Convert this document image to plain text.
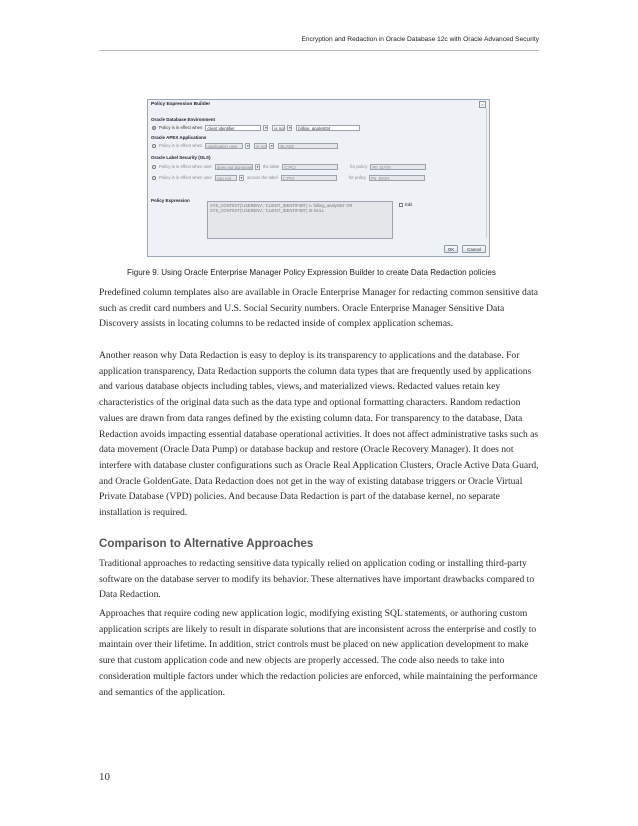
Encryption and Redaction in Oracle Database 12c with Oracle Advanced Security
Policy Expression Builder	×
Oracle Database Environment
Policy is in effect when	client identifier	▾	is not	▾	billing_analyst04
Oracle APEX Applications
Policy is in effect when	application user	▾	is not	▾	BLAKE
Oracle Label Security (OLS)
Policy is in effect when user	does not dominate	▾	the label	C:PCI	for policy	PII_DATA
Policy is in effect when user	can not	▾	access the label	C:PCI	for policy	PII_DATA
Policy Expression
SYS_CONTEXT('USERENV', 'CLIENT_IDENTIFIER') != 'billing_analyst04' OR
SYS_CONTEXT('USERENV', 'CLIENT_IDENTIFIER') IS NULL
Edit
OK	Cancel
Figure 9. Using Oracle Enterprise Manager Policy Expression Builder to create Data Redaction policies

Predefined column templates also are available in Oracle Enterprise Manager for redacting common sensitive data such as credit card numbers and U.S. Social Security numbers. Oracle Enterprise Manager Sensitive Data Discovery assists in locating columns to be redacted inside of complex application schemas.

Another reason why Data Redaction is easy to deploy is its transparency to applications and the database. For application transparency, Data Redaction supports the column data types that are frequently used by applications and various database objects including tables, views, and materialized views. Redacted values retain key characteristics of the original data such as the data type and optional formatting characters. Random redaction values are drawn from data ranges defined by the existing column data. For transparency to the database, Data Redaction avoids impacting essential database operational activities. It does not affect administrative tasks such as data movement (Oracle Data Pump) or database backup and restore (Oracle Recovery Manager). It does not interfere with database cluster configurations such as Oracle Real Application Clusters, Oracle Active Data Guard, and Oracle GoldenGate. Data Redaction does not get in the way of existing database triggers or Oracle Virtual Private Database (VPD) policies. And because Data Redaction is part of the database kernel, no separate installation is required.

Comparison to Alternative Approaches

Traditional approaches to redacting sensitive data typically relied on application coding or installing third-party software on the database server to modify its behavior. These alternatives have important drawbacks compared to Data Redaction.

Approaches that require coding new application logic, modifying existing SQL statements, or authoring custom application scripts are likely to result in disparate solutions that are inconsistent across the enterprise and costly to maintain over their lifetime. In addition, strict controls must be placed on new application development to make sure that custom application code and new objects are properly accessed. The code also needs to take into consideration multiple factors under which the redaction policies are enforced, while maintaining the performance and semantics of the application.

10
